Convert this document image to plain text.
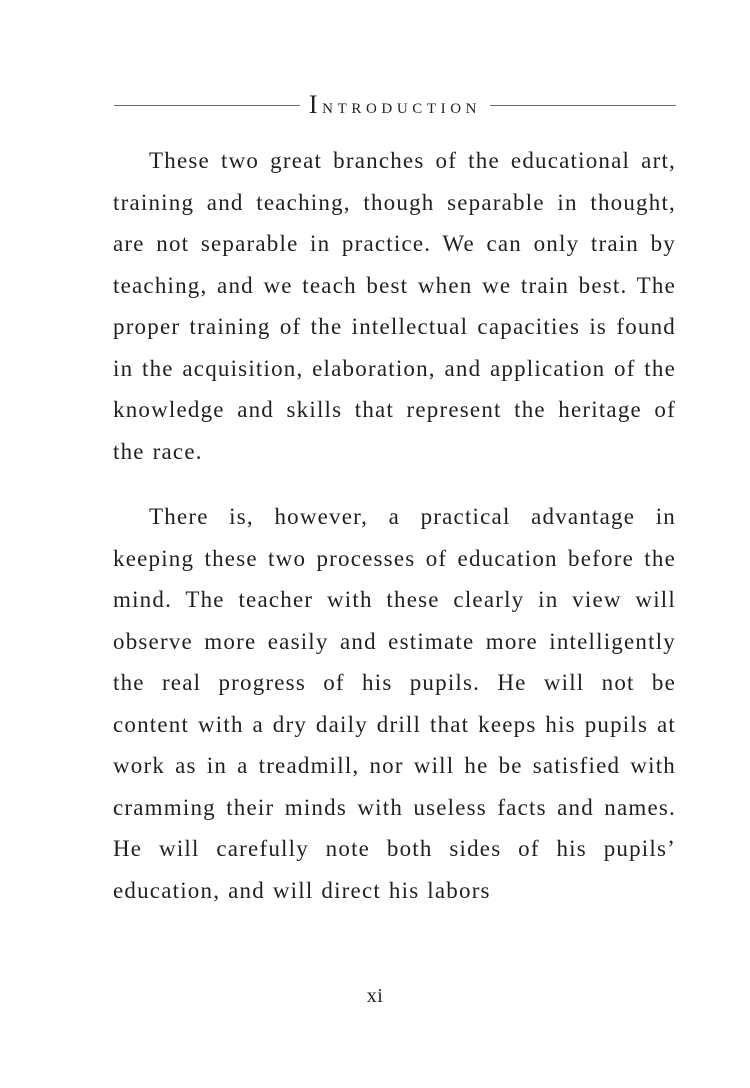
Introduction

These two great branches of the educational art, training and teaching, though separable in thought, are not separable in practice. We can only train by teaching, and we teach best when we train best. The proper training of the intellectual capacities is found in the acquisition, elaboration, and application of the knowledge and skills that represent the heritage of the race.

There is, however, a practical advantage in keeping these two processes of education before the mind. The teacher with these clearly in view will observe more easily and estimate more intelligently the real progress of his pupils. He will not be content with a dry daily drill that keeps his pupils at work as in a treadmill, nor will he be satisfied with cramming their minds with useless facts and names. He will carefully note both sides of his pupils’ education, and will direct his labors

xi
